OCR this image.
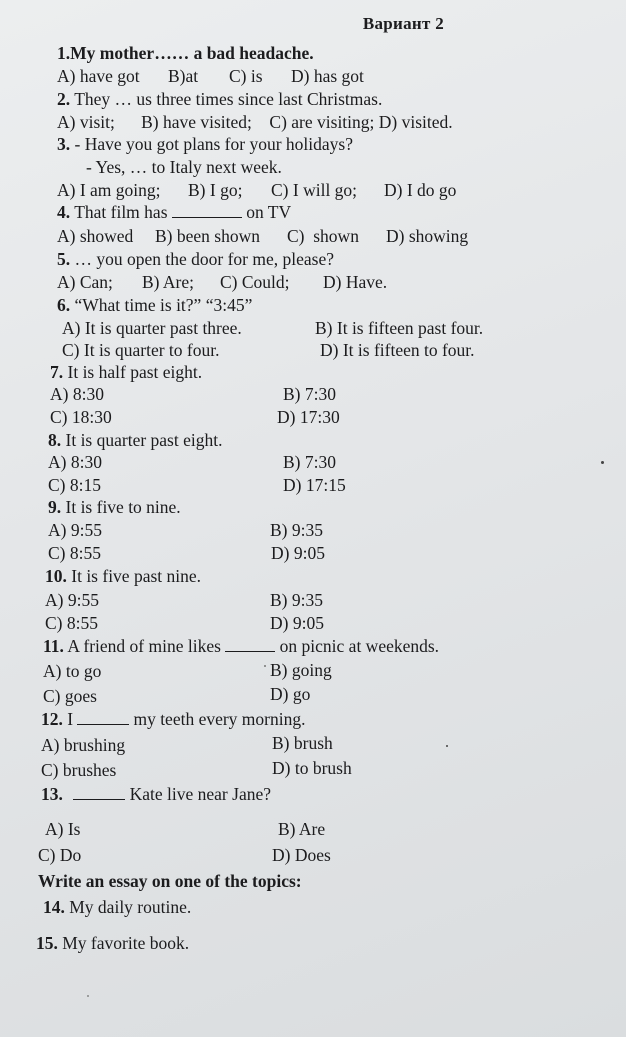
Вариант 2
1.My mother…… a bad headache.
A) have got B)at C) is D) has got
2. They … us three times since last Christmas.
A) visit;      B) have visited;    C) are visiting; D) visited.
3. - Have you got plans for your holidays?
- Yes, … to Italy next week.
A) I am going; B) I go; C) I will go; D) I do go
4. That film has	on TV
A) showed B) been shown C)  shown D) showing
5. … you open the door for me, please?
A) Can; B) Are; C) Could; D) Have.
6. “What time is it?” “3:45”
A) It is quarter past three.	B) It is fifteen past four.
C) It is quarter to four.	D) It is fifteen to four.
7. It is half past eight.
A) 8:30	B) 7:30
C) 18:30	D) 17:30
8. It is quarter past eight.
A) 8:30	B) 7:30
C) 8:15	D) 17:15
9. It is five to nine.
A) 9:55	B) 9:35
C) 8:55	D) 9:05
10. It is five past nine.
A) 9:55	B) 9:35
C) 8:55	D) 9:05
11. A friend of mine likes	on picnic at weekends.
A) to go	B) going
C) goes	D) go
12. I	my teeth every morning.
A) brushing	B) brush
C) brushes	D) to brush
13.	Kate live near Jane?
A) Is	B) Are
C) Do	D) Does
Write an essay on one of the topics:
14. My daily routine.
15. My favorite book.
